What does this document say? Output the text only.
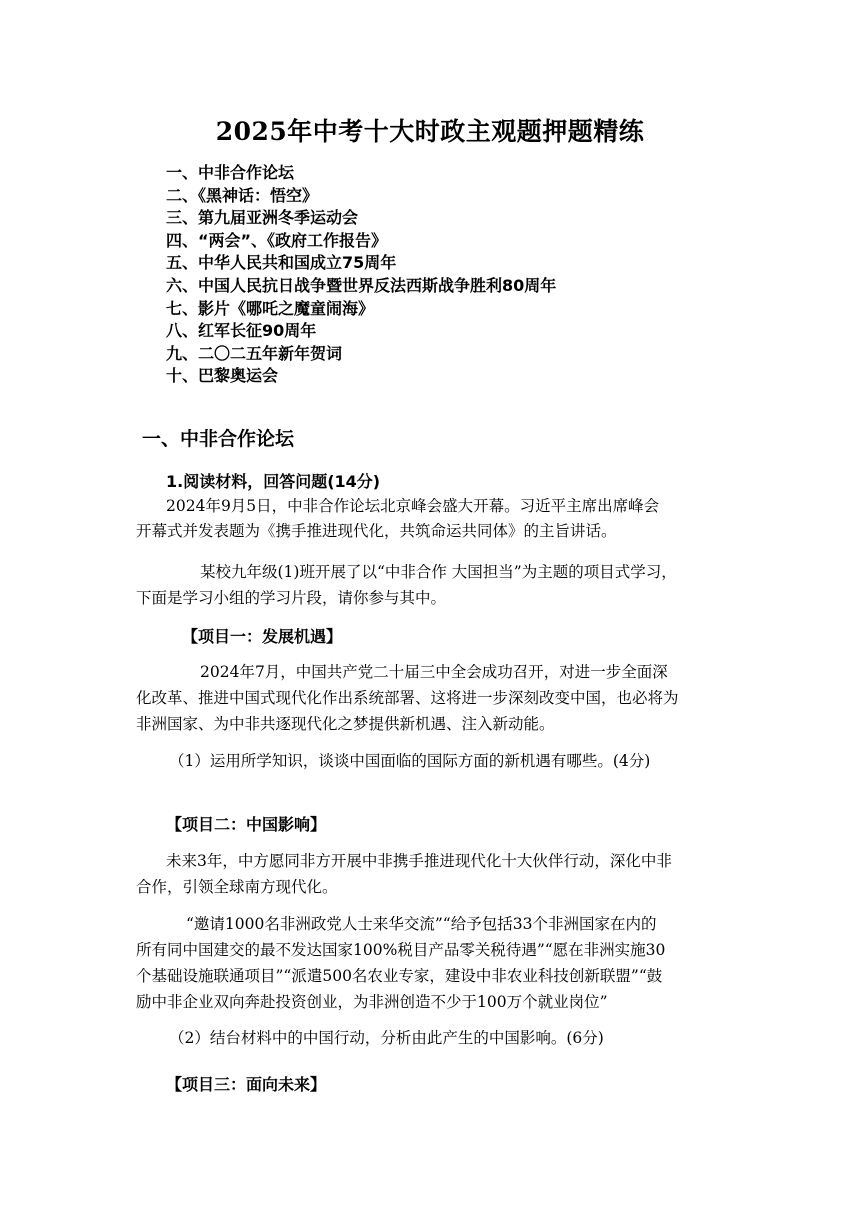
2025年中考十大时政主观题押题精练
一、中非合作论坛
二、《黑神话：悟空》
三、第九届亚洲冬季运动会
四、“两会”、《政府工作报告》
五、中华人民共和国成立75周年
六、中国人民抗日战争暨世界反法西斯战争胜利80周年
七、影片《哪吒之魔童闹海》
八、红军长征90周年
九、二〇二五年新年贺词
十、巴黎奥运会
一、中非合作论坛
1.阅读材料，回答问题(14分)
2024年9月5日，中非合作论坛北京峰会盛大开幕。习近平主席出席峰会
开幕式并发表题为《携手推进现代化，共筑命运共同体》的主旨讲话。
某校九年级(1)班开展了以“中非合作 大国担当”为主题的项目式学习，
下面是学习小组的学习片段，请你参与其中。
【项目一：发展机遇】
2024年7月，中国共产党二十届三中全会成功召开，对进一步全面深
化改革、推进中国式现代化作出系统部署、这将进一步深刻改变中国，也必将为
非洲国家、为中非共逐现代化之梦提供新机遇、注入新动能。
（1）运用所学知识，谈谈中国面临的国际方面的新机遇有哪些。(4分)
【项目二：中国影响】
未来3年，中方愿同非方开展中非携手推进现代化十大伙伴行动，深化中非
合作，引领全球南方现代化。
“邀请1000名非洲政党人士来华交流”“给予包括33个非洲国家在内的
所有同中国建交的最不发达国家100%税目产品零关税待遇”“愿在非洲实施30
个基础设施联通项目”“派遣500名农业专家，建设中非农业科技创新联盟”“鼓
励中非企业双向奔赴投资创业，为非洲创造不少于100万个就业岗位”
（2）结台材料中的中国行动，分析由此产生的中国影响。(6分)
【项目三：面向未来】
